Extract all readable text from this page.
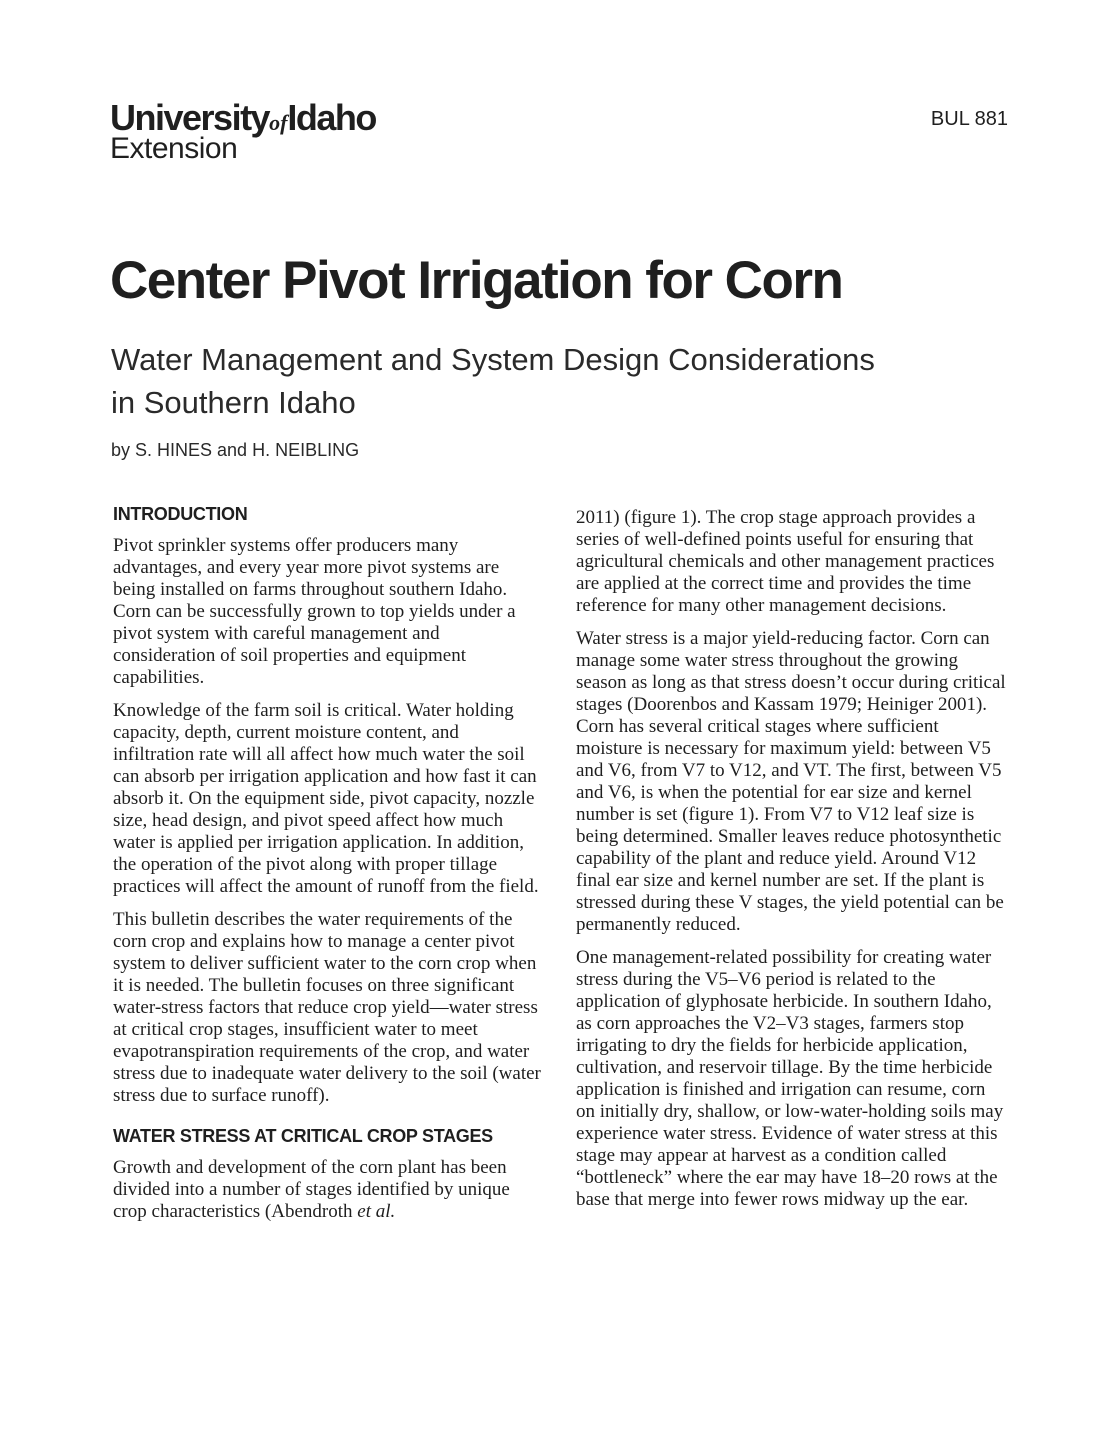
UniversityofIdaho
Extension
BUL 881
Center Pivot Irrigation for Corn
Water Management and System Design Considerations
in Southern Idaho
by S. HINES and H. NEIBLING
INTRODUCTION

Pivot sprinkler systems offer producers many advantages, and every year more pivot systems are being installed on farms throughout southern Idaho. Corn can be successfully grown to top yields under a pivot system with careful management and consideration of soil properties and equipment capabilities.

Knowledge of the farm soil is critical. Water holding capacity, depth, current moisture content, and infiltration rate will all affect how much water the soil can absorb per irrigation application and how fast it can absorb it. On the equipment side, pivot capacity, nozzle size, head design, and pivot speed affect how much water is applied per irrigation application. In addition, the operation of the pivot along with proper tillage practices will affect the amount of runoff from the field.

This bulletin describes the water requirements of the corn crop and explains how to manage a center pivot system to deliver sufficient water to the corn crop when it is needed. The bulletin focuses on three significant water-stress factors that reduce crop yield—water stress at critical crop stages, insufficient water to meet evapotranspiration requirements of the crop, and water stress due to inadequate water delivery to the soil (water stress due to surface runoff).

WATER STRESS AT CRITICAL CROP STAGES

Growth and development of the corn plant has been divided into a number of stages identified by unique crop characteristics (Abendroth et al.

2011) (figure 1). The crop stage approach provides a series of well-defined points useful for ensuring that agricultural chemicals and other management practices are applied at the correct time and provides the time reference for many other management decisions.

Water stress is a major yield-reducing factor. Corn can manage some water stress throughout the growing season as long as that stress doesn’t occur during critical stages (Doorenbos and Kassam 1979; Heiniger 2001). Corn has several critical stages where sufficient moisture is necessary for maximum yield: between V5 and V6, from V7 to V12, and VT. The first, between V5 and V6, is when the potential for ear size and kernel number is set (figure 1). From V7 to V12 leaf size is being determined. Smaller leaves reduce photosynthetic capability of the plant and reduce yield. Around V12 final ear size and kernel number are set. If the plant is stressed during these V stages, the yield potential can be permanently reduced.

One management-related possibility for creating water stress during the V5–V6 period is related to the application of glyphosate herbicide. In southern Idaho, as corn approaches the V2–V3 stages, farmers stop irrigating to dry the fields for herbicide application, cultivation, and reservoir tillage. By the time herbicide application is finished and irrigation can resume, corn on initially dry, shallow, or low-water-holding soils may experience water stress. Evidence of water stress at this stage may appear at harvest as a condition called “bottleneck” where the ear may have 18–20 rows at the base that merge into fewer rows midway up the ear.
